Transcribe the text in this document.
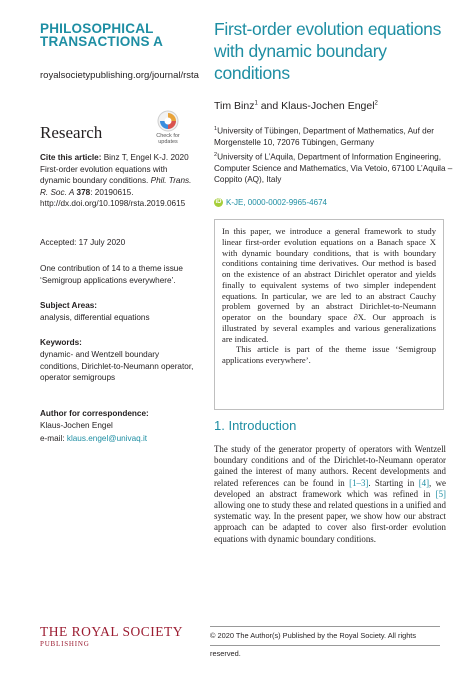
PHILOSOPHICAL
TRANSACTIONS A
royalsocietypublishing.org/journal/rsta
Research	Check for
updates
Cite this article: Binz T, Engel K-J. 2020 First-order evolution equations with dynamic boundary conditions. Phil. Trans. R. Soc. A 378: 20190615.
http://dx.doi.org/10.1098/rsta.2019.0615
Accepted: 17 July 2020
One contribution of 14 to a theme issue ‘Semigroup applications everywhere’.
Subject Areas:
analysis, differential equations
Keywords:
dynamic- and Wentzell boundary conditions, Dirichlet-to-Neumann operator, operator semigroups
Author for correspondence:
Klaus-Jochen Engel
e-mail: klaus.engel@univaq.it
First-order evolution equations with dynamic boundary conditions
Tim Binz$^1$ and Klaus-Jochen Engel$^2$
$^1$University of Tübingen, Department of Mathematics, Auf der Morgenstelle 10, 72076 Tübingen, Germany
$^2$University of L’Aquila, Department of Information Engineering, Computer Science and Mathematics, Via Vetoio, 67100 L’Aquila – Coppito (AQ), Italy
iD K-JE, 0000-0002-9965-4674

In this paper, we introduce a general framework to study linear first-order evolution equations on a Banach space X with dynamic boundary conditions, that is with boundary conditions containing time derivatives. Our method is based on the existence of an abstract Dirichlet operator and yields finally to equivalent systems of two simpler independent equations. In particular, we are led to an abstract Cauchy problem governed by an abstract Dirichlet-to-Neumann operator on the boundary space ∂X. Our approach is illustrated by several examples and various generalizations are indicated.

This article is part of the theme issue ‘Semigroup applications everywhere’.

1. Introduction
The study of the generator property of operators with Wentzell boundary conditions and of the Dirichlet-to-Neumann operator gained the interest of many authors. Recent developments and related references can be found in [1–3]. Starting in [4], we developed an abstract framework which was refined in [5] allowing one to study these and related questions in a unified and systematic way. In the present paper, we show how our abstract approach can be adapted to cover also first-order evolution equations with dynamic boundary conditions.
THE ROYAL SOCIETY
PUBLISHING
© 2020 The Author(s) Published by the Royal Society. All rights reserved.
